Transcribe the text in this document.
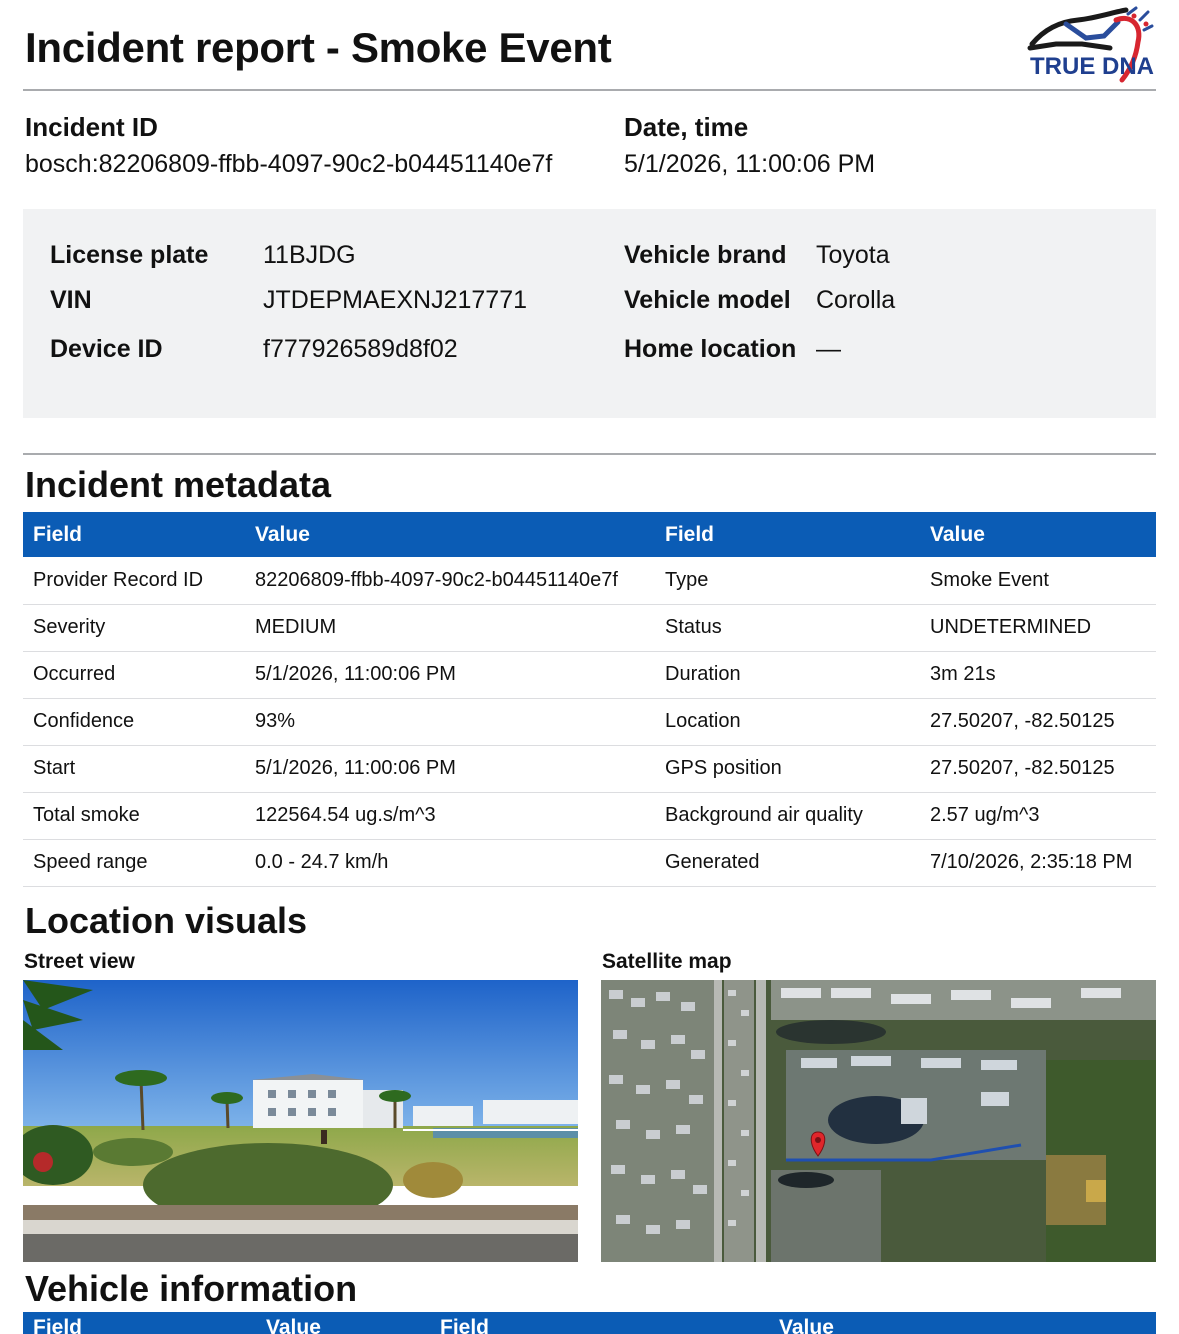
Incident report - Smoke Event	TRUE DNA
Incident ID
bosch:82206809-ffbb-4097-90c2-b04451140e7f
Date, time
5/1/2026, 11:00:06 PM
License plate 11BJDG
VIN	JTDEPMAEXNJ217771
Device ID	f777926589d8f02
Vehicle brand Toyota
Vehicle model Corolla
Home location —
Incident metadata
Field	Value	Field	Value
Provider Record ID	82206809-ffbb-4097-90c2-b04451140e7f	Type	Smoke Event
Severity	MEDIUM	Status	UNDETERMINED
Occurred	5/1/2026, 11:00:06 PM	Duration	3m 21s
Confidence	93%	Location	27.50207, -82.50125
Start	5/1/2026, 11:00:06 PM	GPS position	27.50207, -82.50125
Total smoke	122564.54 ug.s/m^3	Background air quality	2.57 ug/m^3
Speed range	0.0 - 24.7 km/h	Generated	7/10/2026, 2:35:18 PM
Location visuals
Street view	Satellite map
Vehicle information
Field	Value	Field	Value
